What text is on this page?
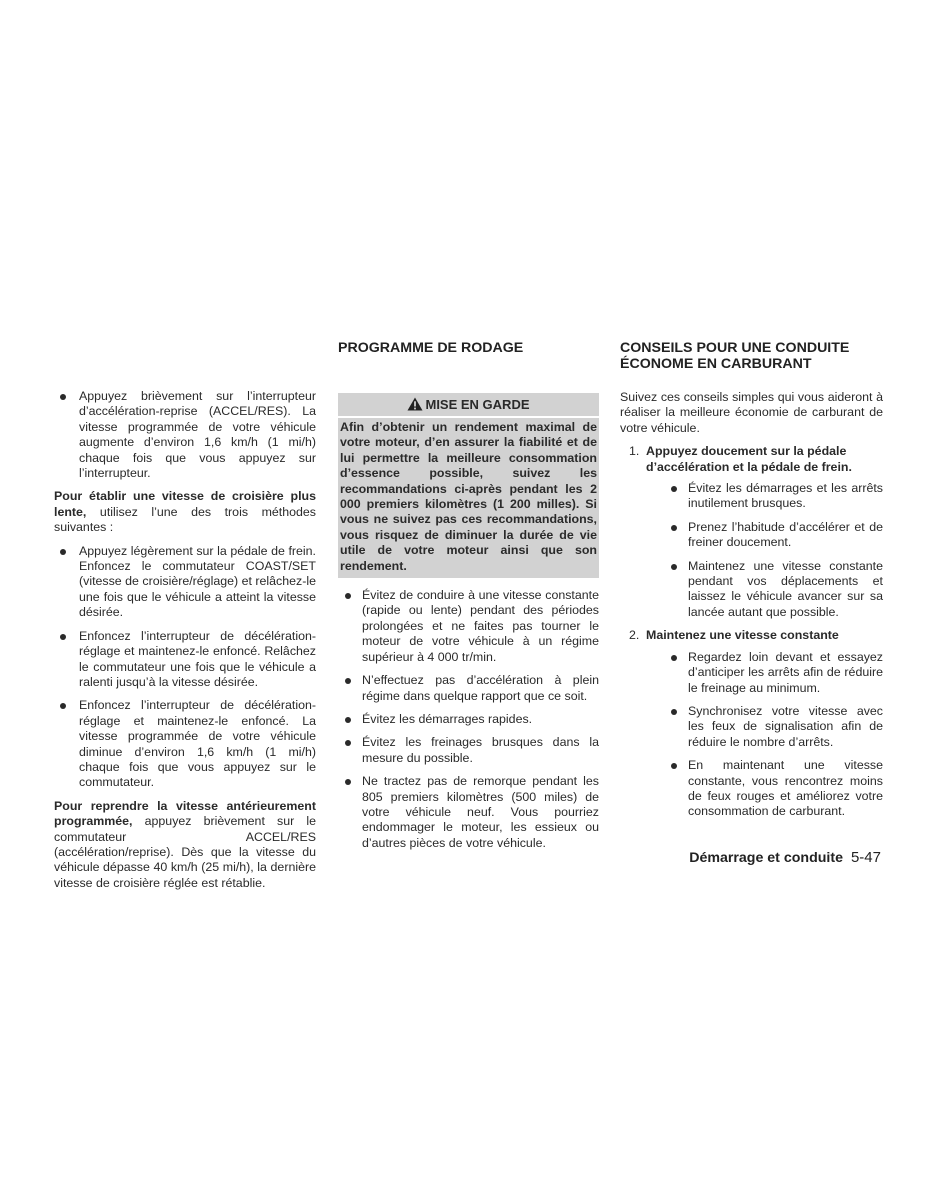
Appuyez brièvement sur l’interrupteur d’accélération-reprise (ACCEL/RES). La vitesse programmée de votre véhicule augmente d’environ 1,6 km/h (1 mi/h) chaque fois que vous appuyez sur l’interrupteur.

Pour établir une vitesse de croisière plus lente, utilisez l’une des trois méthodes suivantes :

Appuyez légèrement sur la pédale de frein. Enfoncez le commutateur COAST/SET (vitesse de croisière/réglage) et relâchez-le une fois que le véhicule a atteint la vitesse désirée.
Enfoncez l’interrupteur de décélération-réglage et maintenez-le enfoncé. Relâchez le commutateur une fois que le véhicule a ralenti jusqu’à la vitesse désirée.
Enfoncez l’interrupteur de décélération-réglage et maintenez-le enfoncé. La vitesse programmée de votre véhicule diminue d’environ 1,6 km/h (1 mi/h) chaque fois que vous appuyez sur le commutateur.

Pour reprendre la vitesse antérieurement programmée, appuyez brièvement sur le commutateur ACCEL/RES (accélération/reprise). Dès que la vitesse du véhicule dépasse 40 km/h (25 mi/h), la dernière vitesse de croisière réglée est rétablie.

PROGRAMME DE RODAGE
MISE EN GARDE
Afin d’obtenir un rendement maximal de votre moteur, d’en assurer la fiabilité et de lui permettre la meilleure consommation d’essence possible, suivez les recommandations ci-après pendant les 2 000 premiers kilomètres (1 200 milles). Si vous ne suivez pas ces recommandations, vous risquez de diminuer la durée de vie utile de votre moteur ainsi que son rendement.
Évitez de conduire à une vitesse constante (rapide ou lente) pendant des périodes prolongées et ne faites pas tourner le moteur de votre véhicule à un régime supérieur à 4 000 tr/min.
N’effectuez pas d’accélération à plein régime dans quelque rapport que ce soit.
Évitez les démarrages rapides.
Évitez les freinages brusques dans la mesure du possible.
Ne tractez pas de remorque pendant les 805 premiers kilomètres (500 miles) de votre véhicule neuf. Vous pourriez endommager le moteur, les essieux ou d’autres pièces de votre véhicule.
CONSEILS POUR UNE CONDUITE
ÉCONOME EN CARBURANT

Suivez ces conseils simples qui vous aideront à réaliser la meilleure économie de carburant de votre véhicule.

1. Appuyez doucement sur la pédale d’accélération et la pédale de frein.

Évitez les démarrages et les arrêts inutilement brusques.
Prenez l’habitude d’accélérer et de freiner doucement.
Maintenez une vitesse constante pendant vos déplacements et laissez le véhicule avancer sur sa lancée autant que possible.
2. Maintenez une vitesse constante

Regardez loin devant et essayez d’anticiper les arrêts afin de réduire le freinage au minimum.
Synchronisez votre vitesse avec les feux de signalisation afin de réduire le nombre d’arrêts.
En maintenant une vitesse constante, vous rencontrez moins de feux rouges et améliorez votre consommation de carburant.
Démarrage et conduite 5-47
